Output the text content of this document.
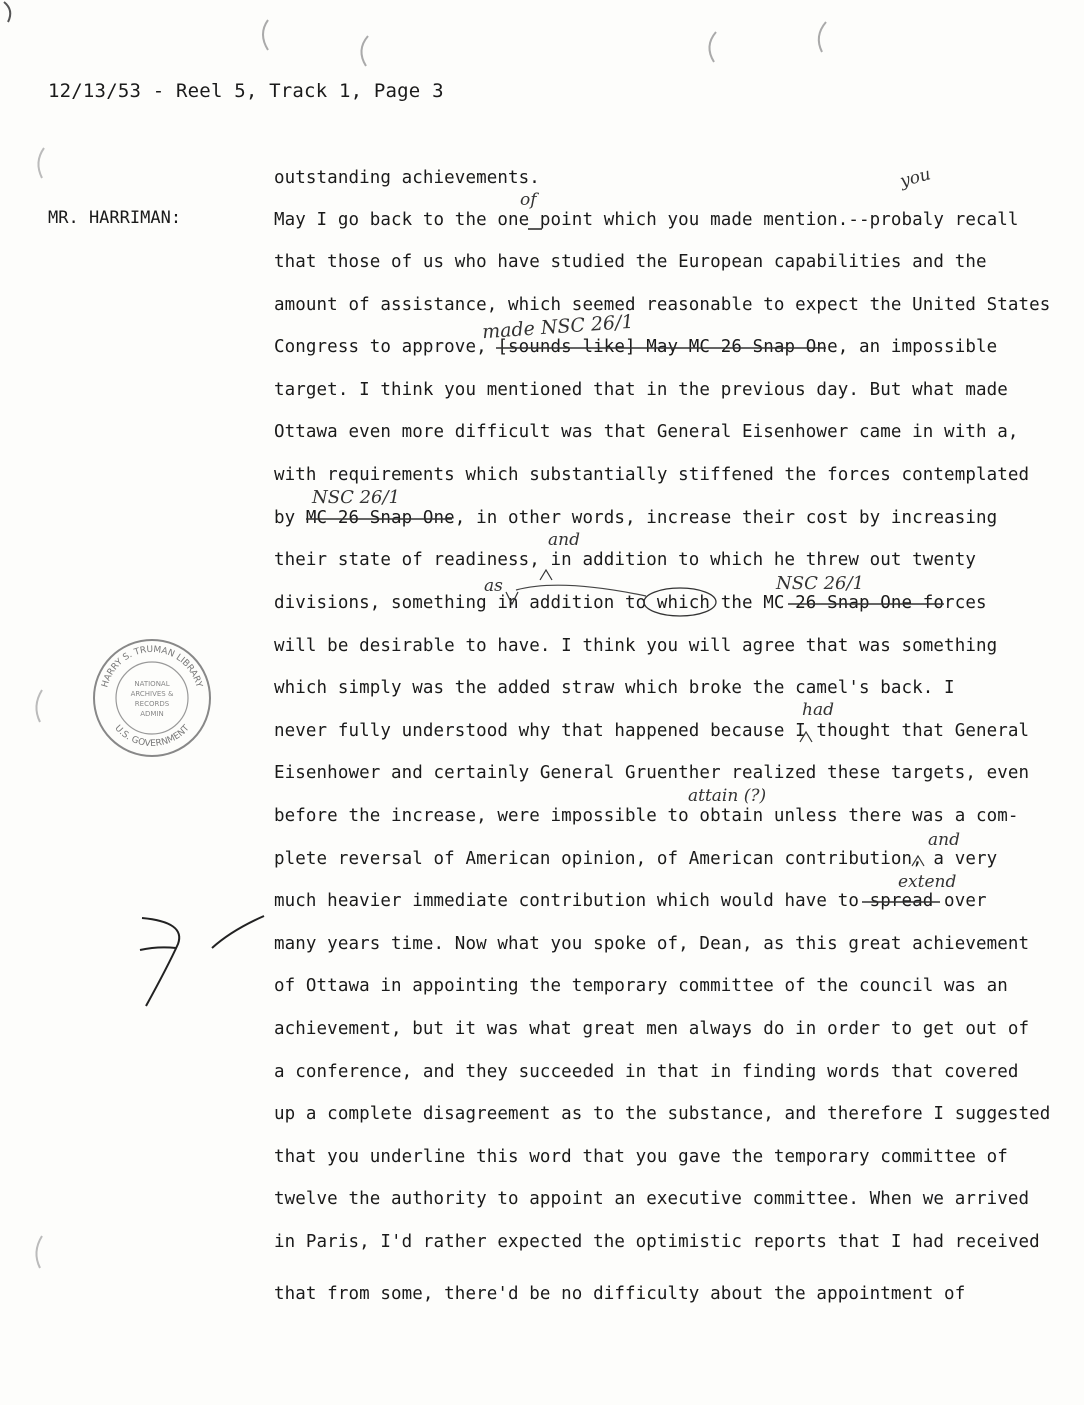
12/13/53 - Reel 5, Track 1, Page 3
MR. HARRIMAN:
outstanding achievements.
May I go back to the one point which you made mention.--probaly recall
that those of us who have studied the European capabilities and the
amount of assistance, which seemed reasonable to expect the United States
Congress to approve, [sounds like] May MC 26 Snap One, an impossible
target. I think you mentioned that in the previous day. But what made
Ottawa even more difficult was that General Eisenhower came in with a,
with requirements which substantially stiffened the forces contemplated
by MC 26 Snap One, in other words, increase their cost by increasing
their state of readiness, in addition to which he threw out twenty
divisions, something in addition to which the MC 26 Snap One forces
will be desirable to have. I think you will agree that was something
which simply was the added straw which broke the camel's back. I
never fully understood why that happened because I thought that General
Eisenhower and certainly General Gruenther realized these targets, even
before the increase, were impossible to obtain unless there was a com-
plete reversal of American opinion, of American contribution, a very
much heavier immediate contribution which would have to spread over
many years time. Now what you spoke of, Dean, as this great achievement
of Ottawa in appointing the temporary committee of the council was an
achievement, but it was what great men always do in order to get out of
a conference, and they succeeded in that in finding words that covered
up a complete disagreement as to the substance, and therefore I suggested
that you underline this word that you gave the temporary committee of
twelve the authority to appoint an executive committee. When we arrived
in Paris, I'd rather expected the optimistic reports that I had received
that from some, there'd be no difficulty about the appointment of
of
you
made NSC 26/1
NSC 26/1
and
as	NSC 26/1
had
attain (?)
and
extend
HARRY S. TRUMAN LIBRARY
U.S. GOVERNMENT
NATIONAL
ARCHIVES &
RECORDS
ADMIN
